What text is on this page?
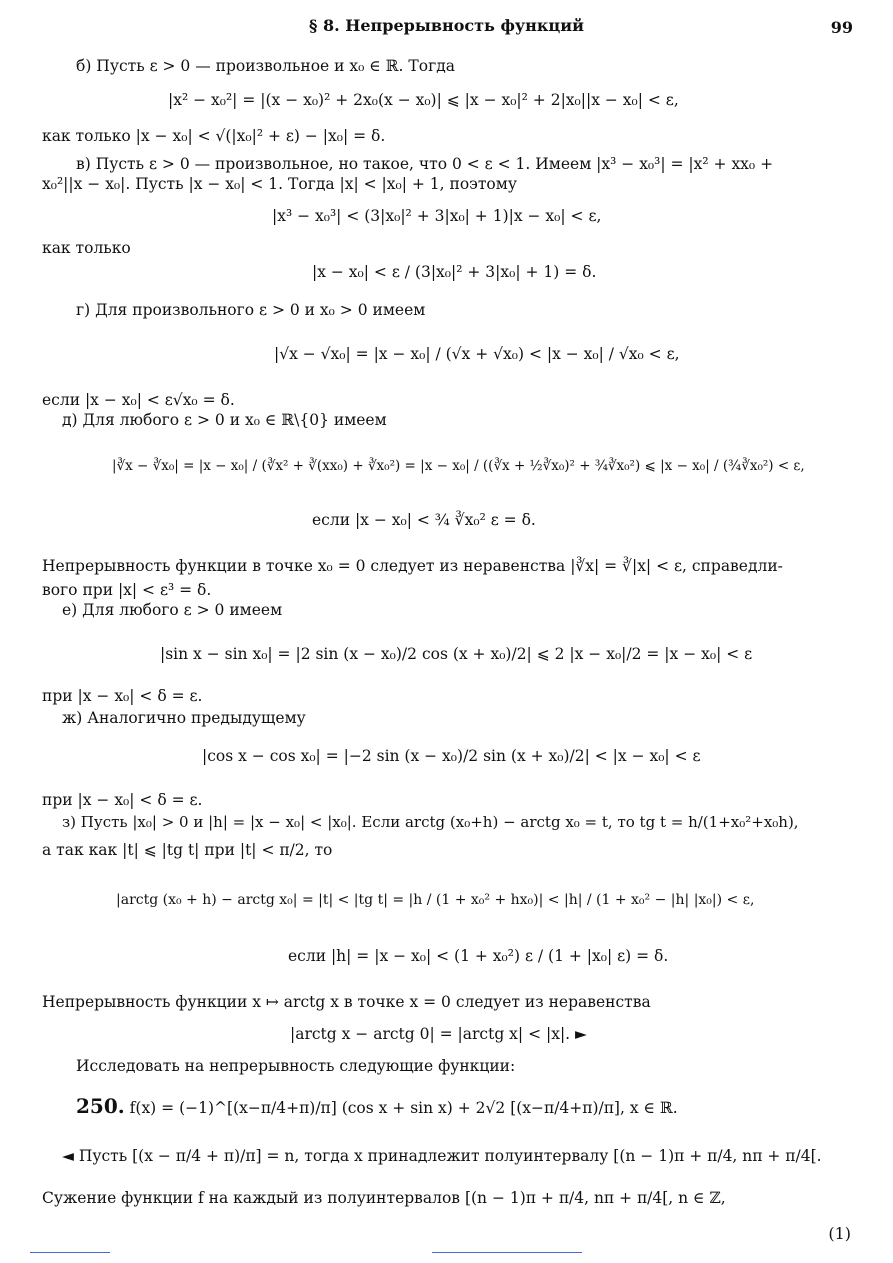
§ 8. Непрерывность функций	99
б) Пусть ε > 0 — произвольное и x₀ ∈ ℝ. Тогда
|x² − x₀²| = |(x − x₀)² + 2x₀(x − x₀)| ⩽ |x − x₀|² + 2|x₀||x − x₀| < ε,
как только |x − x₀| < √(|x₀|² + ε) − |x₀| = δ.
в) Пусть ε > 0 — произвольное, но такое, что 0 < ε < 1. Имеем |x³ − x₀³| = |x² + xx₀ +
x₀²||x − x₀|. Пусть |x − x₀| < 1. Тогда |x| < |x₀| + 1, поэтому
|x³ − x₀³| < (3|x₀|² + 3|x₀| + 1)|x − x₀| < ε,
как только
|x − x₀| < ε / (3|x₀|² + 3|x₀| + 1) = δ.
г) Для произвольного ε > 0 и x₀ > 0 имеем
|√x − √x₀| = |x − x₀| / (√x + √x₀) < |x − x₀| / √x₀ < ε,
если |x − x₀| < ε√x₀ = δ.
д) Для любого ε > 0 и x₀ ∈ ℝ\{0} имеем
|∛x − ∛x₀| = |x − x₀| / (∛x² + ∛(xx₀) + ∛x₀²) = |x − x₀| / ((∛x + ½∛x₀)² + ¾∛x₀²) ⩽ |x − x₀| / (¾∛x₀²) < ε,
если |x − x₀| < ¾ ∛x₀² ε = δ.
Непрерывность функции в точке x₀ = 0 следует из неравенства |∛x| = ∛|x| < ε, справедли-
вого при |x| < ε³ = δ.
е) Для любого ε > 0 имеем
|sin x − sin x₀| = |2 sin (x − x₀)/2 cos (x + x₀)/2| ⩽ 2 |x − x₀|/2 = |x − x₀| < ε
при |x − x₀| < δ = ε.
ж) Аналогично предыдущему
|cos x − cos x₀| = |−2 sin (x − x₀)/2 sin (x + x₀)/2| < |x − x₀| < ε
при |x − x₀| < δ = ε.
з) Пусть |x₀| > 0 и |h| = |x − x₀| < |x₀|. Если arctg (x₀+h) − arctg x₀ = t, то tg t = h/(1+x₀²+x₀h),
а так как |t| ⩽ |tg t| при |t| < π/2, то
|arctg (x₀ + h) − arctg x₀| = |t| < |tg t| = |h / (1 + x₀² + hx₀)| < |h| / (1 + x₀² − |h| |x₀|) < ε,
если |h| = |x − x₀| < (1 + x₀²) ε / (1 + |x₀| ε) = δ.
Непрерывность функции x ↦ arctg x в точке x = 0 следует из неравенства
|arctg x − arctg 0| = |arctg x| < |x|. ►
Исследовать на непрерывность следующие функции:
250. f(x) = (−1)^[(x−π/4+π)/π] (cos x + sin x) + 2√2 [(x−π/4+π)/π], x ∈ ℝ.
◄ Пусть [(x − π/4 + π)/π] = n, тогда x принадлежит полуинтервалу [(n − 1)π + π/4, nπ + π/4[.
Сужение функции f на каждый из полуинтервалов [(n − 1)π + π/4, nπ + π/4[, n ∈ ℤ,
(1)
